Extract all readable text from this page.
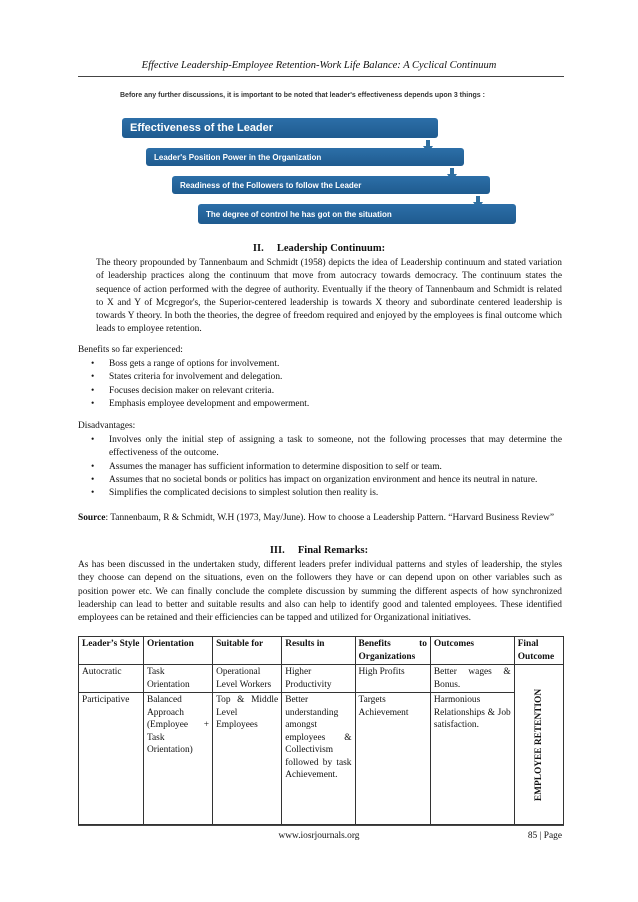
Effective Leadership-Employee Retention-Work Life Balance: A Cyclical Continuum
Before any further discussions, it is important to be noted that leader's effectiveness depends upon 3 things :
Effectiveness of the Leader
Leader's Position Power in the Organization
Readiness of the Followers to follow the Leader
The degree of control he has got on the situation
II. Leadership Continuum:
The theory propounded by Tannenbaum and Schmidt (1958) depicts the idea of Leadership continuum and stated variation of leadership practices along the continuum that move from autocracy towards democracy. The continuum states the sequence of action performed with the degree of authority. Eventually if the theory of Tannenbaum and Schmidt is related to X and Y of Mcgregor's, the Superior-centered leadership is towards X theory and subordinate centered leadership is towards Y theory. In both the theories, the degree of freedom required and enjoyed by the employees is final outcome which leads to employee retention.
Benefits so far experienced:
• Boss gets a range of options for involvement.
• States criteria for involvement and delegation.
• Focuses decision maker on relevant criteria.
• Emphasis employee development and empowerment.
Disadvantages:
• Involves only the initial step of assigning a task to someone, not the following processes that may determine the effectiveness of the outcome.
• Assumes the manager has sufficient information to determine disposition to self or team.
• Assumes that no societal bonds or politics has impact on organization environment and hence its neutral in nature.
• Simplifies the complicated decisions to simplest solution then reality is.
Source: Tannenbaum, R & Schmidt, W.H (1973, May/June). How to choose a Leadership Pattern. “Harvard Business Review”
III. Final Remarks:
As has been discussed in the undertaken study, different leaders prefer individual patterns and styles of leadership, the styles they choose can depend on the situations, even on the followers they have or can depend upon on other variables such as position power etc. We can finally conclude the complete discussion by summing the different aspects of how synchronized leadership can lead to better and suitable results and also can help to identify good and talented employees. These identified employees can be retained and their efficiencies can be tapped and utilized for Organizational initiatives.
Leader’s Style	Orientation	Suitable for	Results in	Benefits to Organizations	Outcomes	Final Outcome
Autocratic	Task Orientation	Operational Level Workers	Higher Productivity	High Profits	Better wages & Bonus.	EMPLOYEE RETENTION

Participative	Balanced Approach (Employee + Task Orientation)	Top & Middle Level Employees	Better understanding amongst employees & Collectivism followed by task Achievement.	Targets Achievement	Harmonious Relationships & Job satisfaction.	
www.iosrjournals.org	85 | Page
